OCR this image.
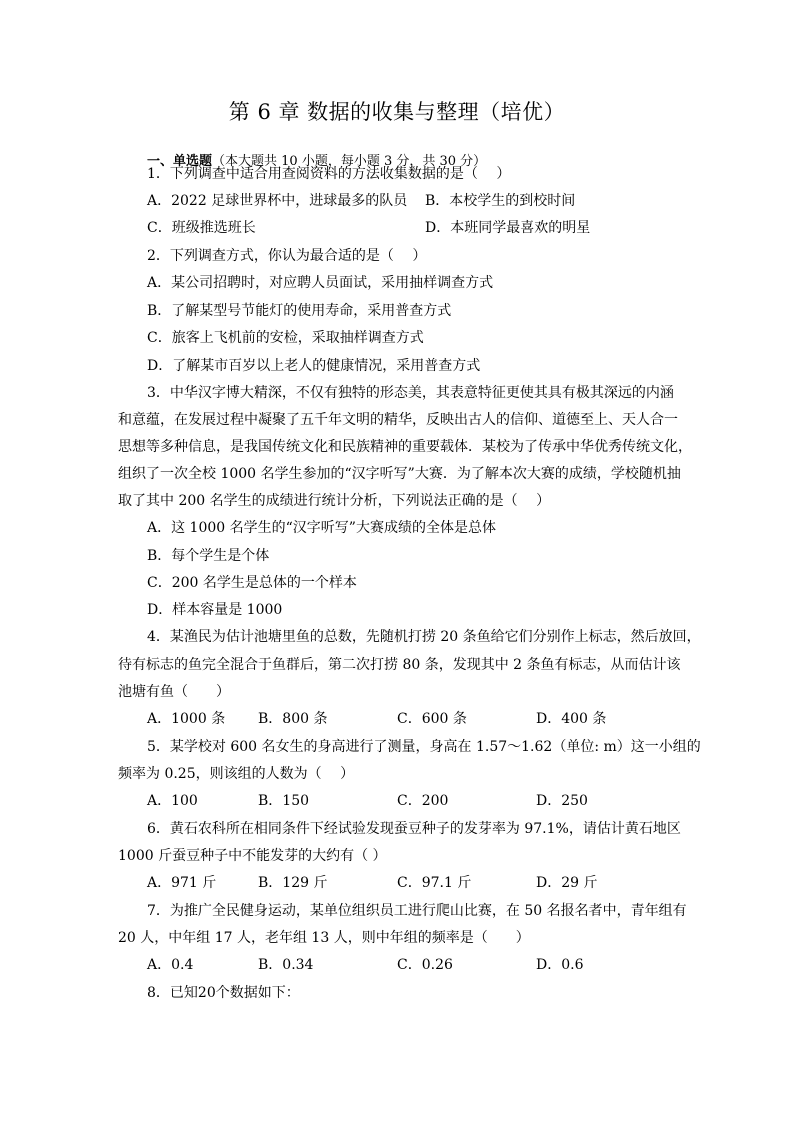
第 6 章 数据的收集与整理（培优）
一、单选题（本大题共 10 小题，每小题 3 分，共 30 分）
1．下列调查中适合用查阅资料的方法收集数据的是（　 ）
A．2022 足球世界杯中，进球最多的队员 B．本校学生的到校时间
C．班级推选班长	D．本班同学最喜欢的明星
2．下列调查方式，你认为最合适的是（　 ）
A．某公司招聘时，对应聘人员面试，采用抽样调查方式
B．了解某型号节能灯的使用寿命，采用普查方式
C．旅客上飞机前的安检，采取抽样调查方式
D．了解某市百岁以上老人的健康情况，采用普查方式
3．中华汉字博大精深，不仅有独特的形态美，其表意特征更使其具有极其深远的内涵
和意蕴，在发展过程中凝聚了五千年文明的精华，反映出古人的信仰、道德至上、天人合一
思想等多种信息，是我国传统文化和民族精神的重要载体．某校为了传承中华优秀传统文化，
组织了一次全校 1000 名学生参加的“汉字听写”大赛．为了解本次大赛的成绩，学校随机抽
取了其中 200 名学生的成绩进行统计分析，下列说法正确的是（　 ）
A．这 1000 名学生的“汉字听写”大赛成绩的全体是总体
B．每个学生是个体
C．200 名学生是总体的一个样本
D．样本容量是 1000
4．某渔民为估计池塘里鱼的总数，先随机打捞 20 条鱼给它们分别作上标志，然后放回，
待有标志的鱼完全混合于鱼群后，第二次打捞 80 条，发现其中 2 条鱼有标志，从而估计该
池塘有鱼（　　）
A．1000 条 B．800 条	C．600 条	D．400 条
5．某学校对 600 名女生的身高进行了测量，身高在 1.57～1.62（单位: m）这一小组的
频率为 0.25，则该组的人数为（　 ）
A．100	B．150	C．200	D．250
6．黄石农科所在相同条件下经试验发现蚕豆种子的发芽率为 97.1%，请估计黄石地区
1000 斤蚕豆种子中不能发芽的大约有（ ）
A．971 斤	B．129 斤	C．97.1 斤	D．29 斤
7．为推广全民健身运动，某单位组织员工进行爬山比赛，在 50 名报名者中，青年组有
20 人，中年组 17 人，老年组 13 人，则中年组的频率是（　　）
A．0.4	B．0.34	C．0.26	D．0.6
8．已知20个数据如下：
